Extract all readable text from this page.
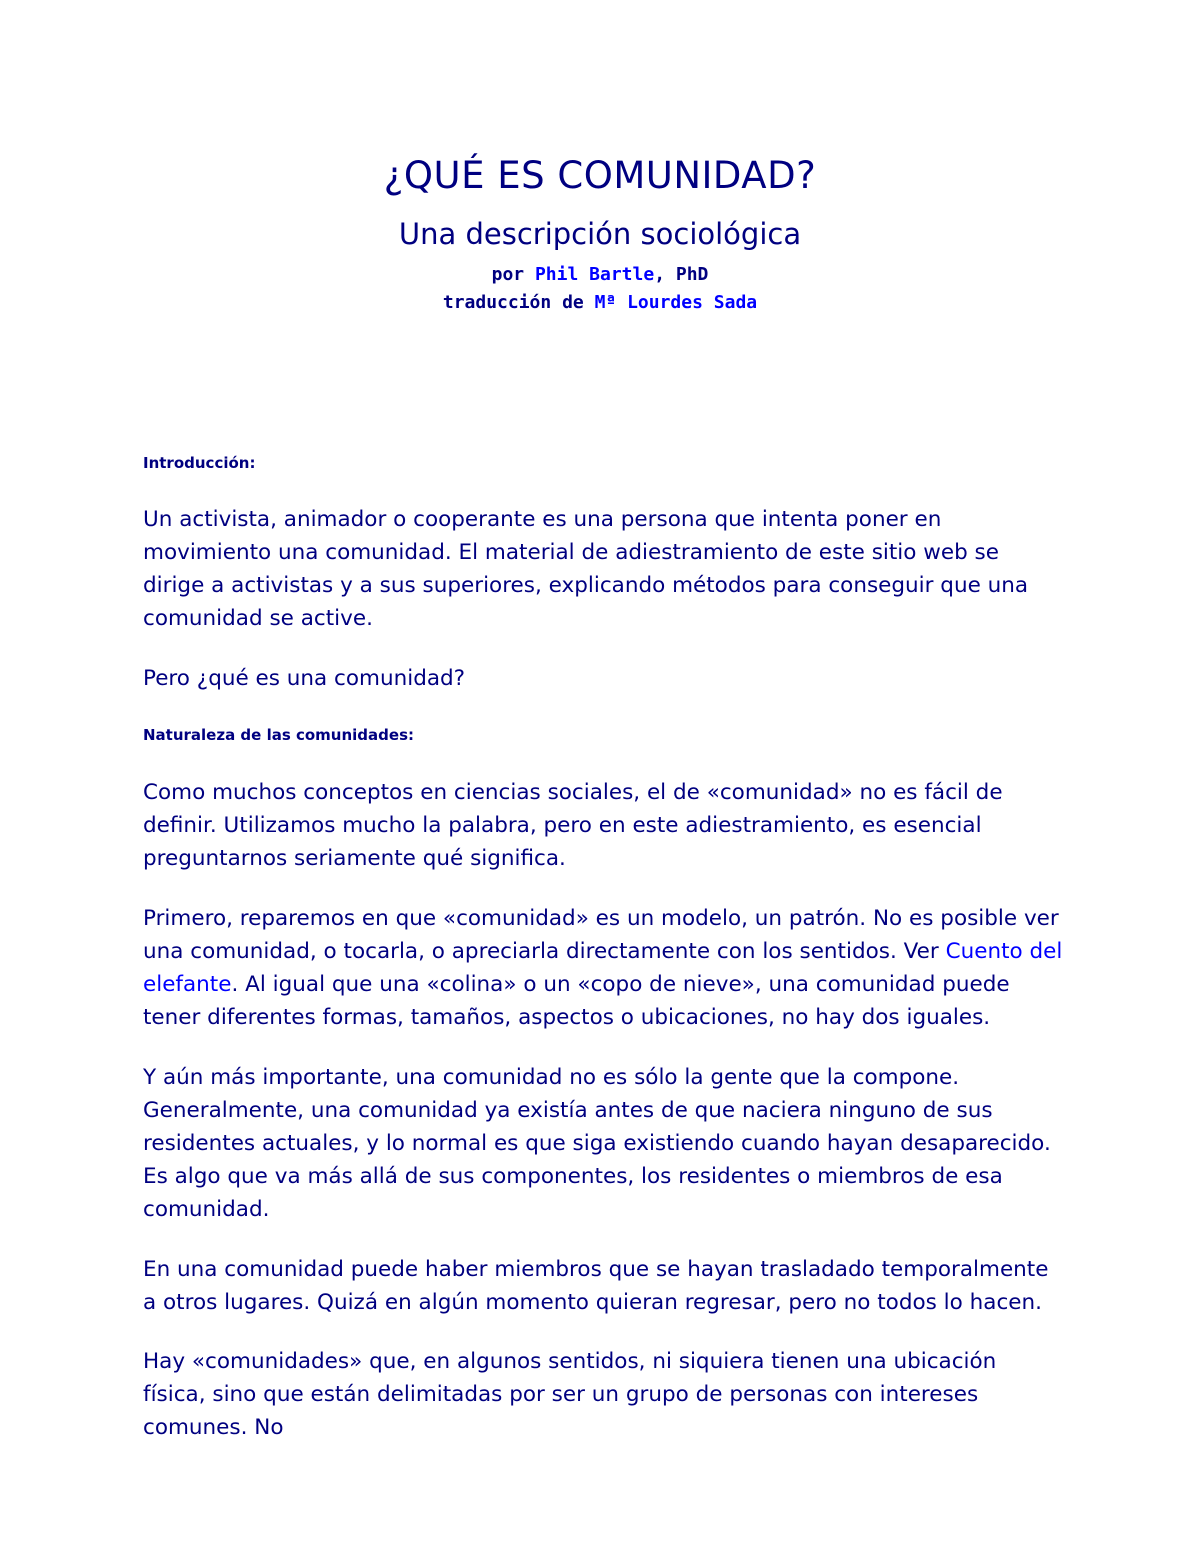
¿QUÉ ES COMUNIDAD?
Una descripción sociológica
por Phil Bartle, PhD
traducción de Mª Lourdes Sada
Introducción:

Un activista, animador o cooperante es una persona que intenta poner en movimiento una comunidad. El material de adiestramiento de este sitio web se dirige a activistas y a sus superiores, explicando métodos para conseguir que una comunidad se active.

Pero ¿qué es una comunidad?

Naturaleza de las comunidades:

Como muchos conceptos en ciencias sociales, el de «comunidad» no es fácil de definir. Utilizamos mucho la palabra, pero en este adiestramiento, es esencial preguntarnos seriamente qué significa.

Primero, reparemos en que «comunidad» es un modelo, un patrón. No es posible ver una comunidad, o tocarla, o apreciarla directamente con los sentidos. Ver Cuento del elefante. Al igual que una «colina» o un «copo de nieve», una comunidad puede tener diferentes formas, tamaños, aspectos o ubicaciones, no hay dos iguales.

Y aún más importante, una comunidad no es sólo la gente que la compone. Generalmente, una comunidad ya existía antes de que naciera ninguno de sus residentes actuales, y lo normal es que siga existiendo cuando hayan desaparecido. Es algo que va más allá de sus componentes, los residentes o miembros de esa comunidad.

En una comunidad puede haber miembros que se hayan trasladado temporalmente a otros lugares. Quizá en algún momento quieran regresar, pero no todos lo hacen.

Hay «comunidades» que, en algunos sentidos, ni siquiera tienen una ubicación física, sino que están delimitadas por ser un grupo de personas con intereses comunes. No
